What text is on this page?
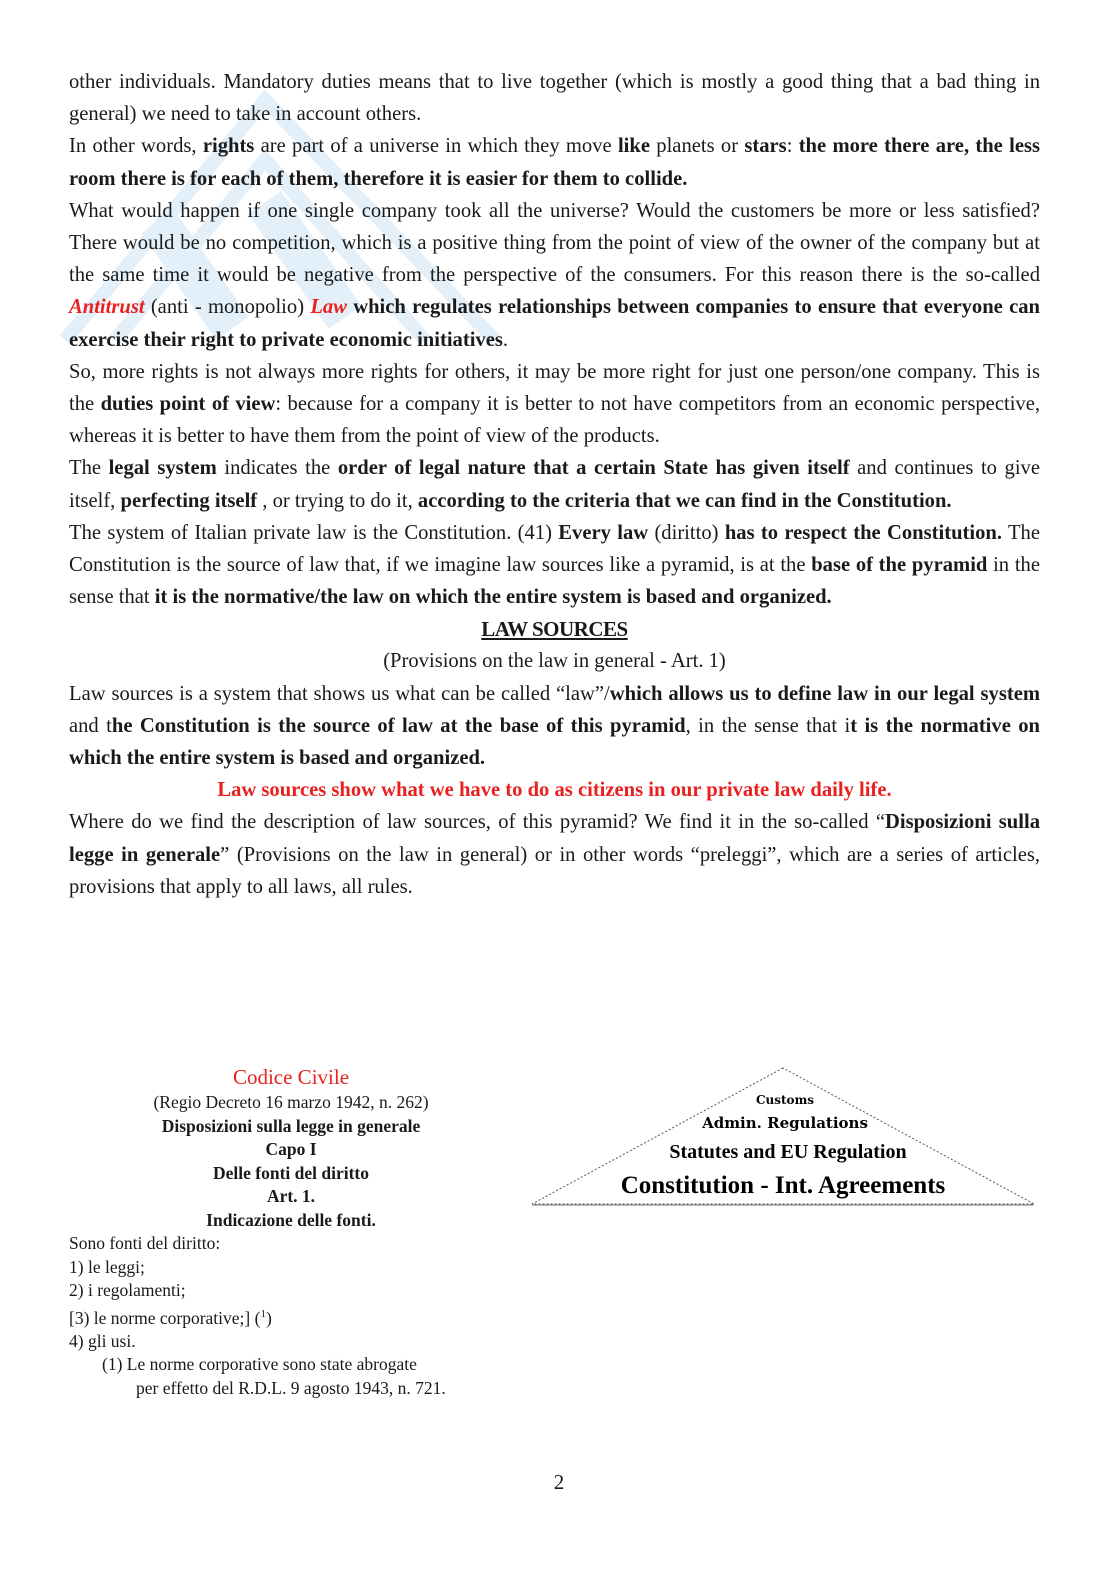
other individuals. Mandatory duties means that to live together (which is mostly a good thing that a bad thing in general) we need to take in account others.

In other words, rights are part of a universe in which they move like planets or stars: the more there are, the less room there is for each of them, therefore it is easier for them to collide.

What would happen if one single company took all the universe? Would the customers be more or less satisfied? There would be no competition, which is a positive thing from the point of view of the owner of the company but at the same time it would be negative from the perspective of the consumers. For this reason there is the so-called Antitrust (anti - monopolio) Law which regulates relationships between companies to ensure that everyone can exercise their right to private economic initiatives.

So, more rights is not always more rights for others, it may be more right for just one person/one company. This is the duties point of view: because for a company it is better to not have competitors from an economic perspective, whereas it is better to have them from the point of view of the products.

The legal system indicates the order of legal nature that a certain State has given itself and continues to give itself, perfecting itself , or trying to do it, according to the criteria that we can find in the Constitution.

The system of Italian private law is the Constitution. (41) Every law (diritto) has to respect the Constitution. The Constitution is the source of law that, if we imagine law sources like a pyramid, is at the base of the pyramid in the sense that it is the normative/the law on which the entire system is based and organized.

LAW SOURCES

(Provisions on the law in general - Art. 1)

Law sources is a system that shows us what can be called “law”/which allows us to define law in our legal system and the Constitution is the source of law at the base of this pyramid, in the sense that it is the normative on which the entire system is based and organized.

Law sources show what we have to do as citizens in our private law daily life.

Where do we find the description of law sources, of this pyramid? We find it in the so-called “Disposizioni sulla legge in generale” (Provisions on the law in general) or in other words “preleggi”, which are a series of articles, provisions that apply to all laws, all rules.

Codice Civile
(Regio Decreto 16 marzo 1942, n. 262)
Disposizioni sulla legge in generale
Capo I
Delle fonti del diritto
Art. 1.
Indicazione delle fonti.
Sono fonti del diritto:
1) le leggi;
2) i regolamenti;
[3) le norme corporative;] ($^1$)
4) gli usi.
(1) Le norme corporative sono state abrogate
per effetto del R.D.L. 9 agosto 1943, n. 721.
Customs
Admin. Regulations
Statutes and EU Regulation
Constitution - Int. Agreements
2
